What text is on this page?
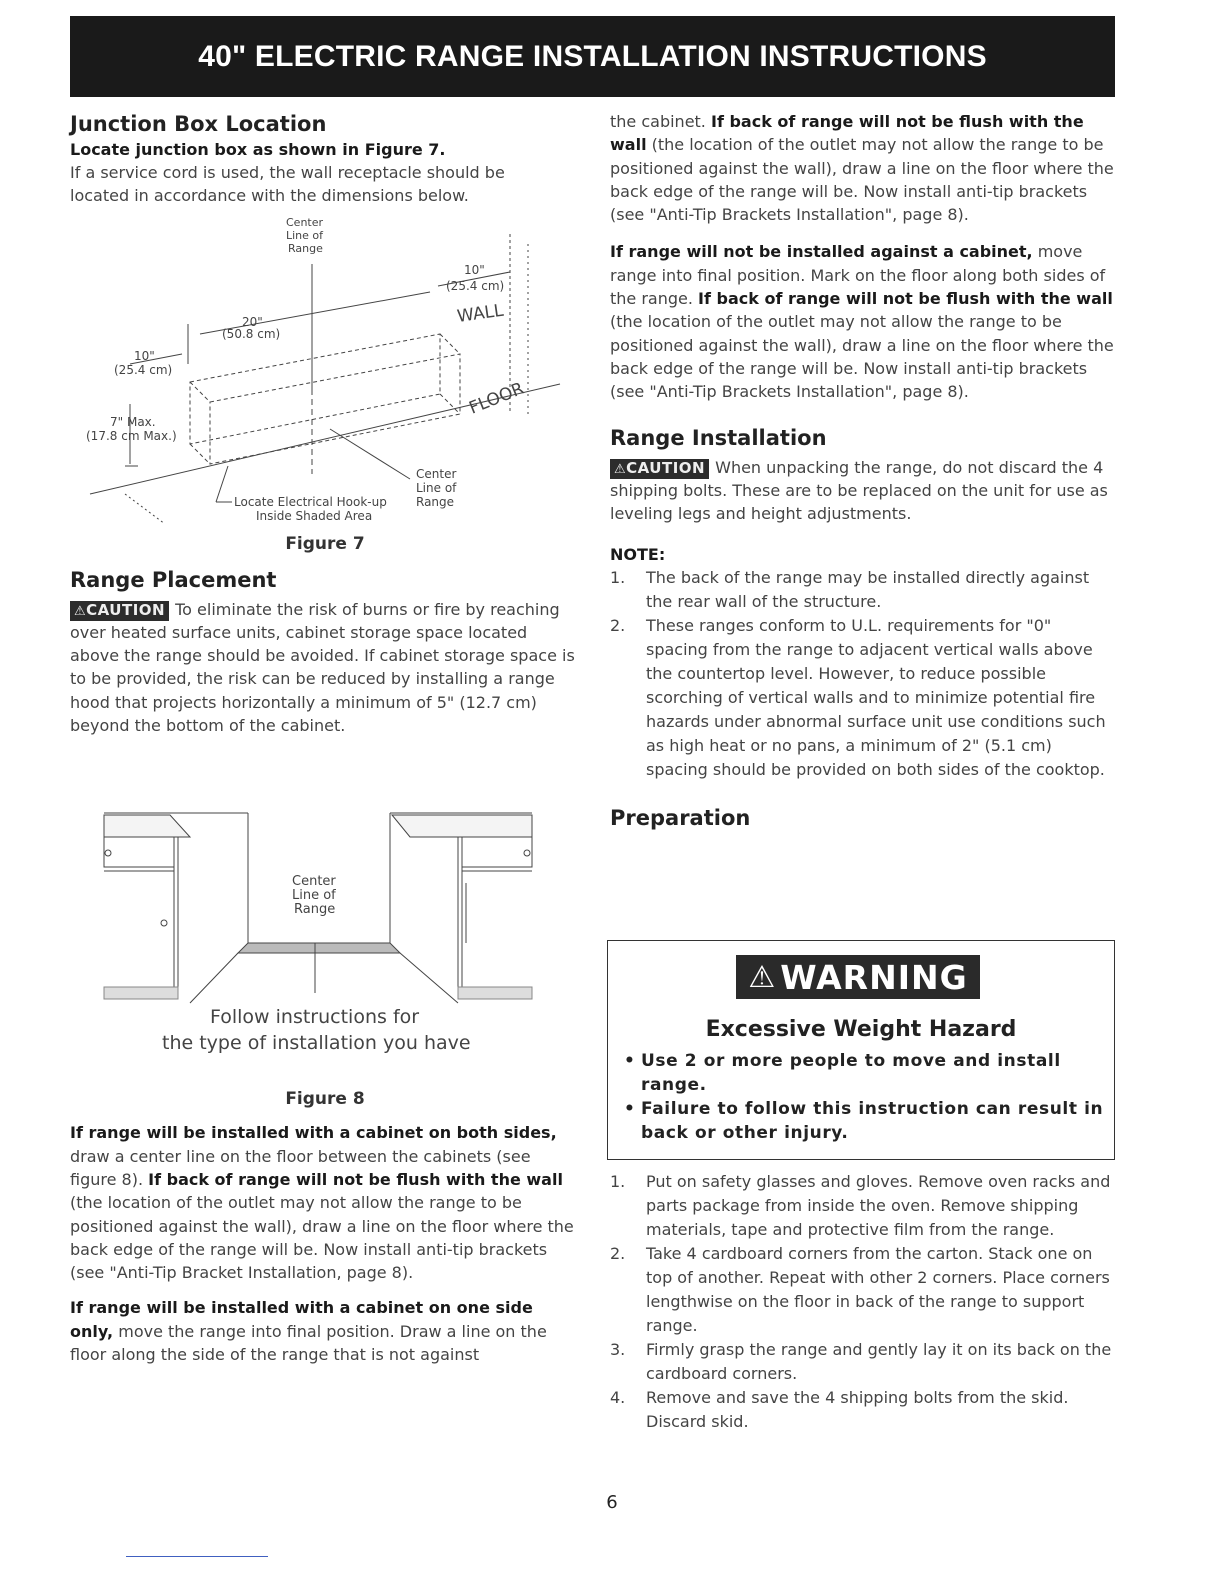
40" ELECTRIC RANGE INSTALLATION INSTRUCTIONS
Junction Box Location
Locate junction box as shown in Figure 7.

If a service cord is used, the wall receptacle should be located in accordance with the dimensions below.

Center
Line of
Range
10"
(25.4 cm)
20"
(50.8 cm)
10"
(25.4 cm)
WALL
FLOOR
7" Max.
(17.8 cm Max.)
Center
Line of
Range
Locate Electrical Hook-up
Inside Shaded Area
Figure 7
Range Placement

⚠CAUTION To eliminate the risk of burns or fire by reaching over heated surface units, cabinet storage space located above the range should be avoided. If cabinet storage space is to be provided, the risk can be reduced by installing a range hood that projects horizontally a minimum of 5" (12.7 cm) beyond the bottom of the cabinet.

Center
Line of
Range
Follow instructions for
the type of installation you have
Figure 8

If range will be installed with a cabinet on both sides, draw a center line on the floor between the cabinets (see figure 8). If back of range will not be flush with the wall (the location of the outlet may not allow the range to be positioned against the wall), draw a line on the floor where the back edge of the range will be. Now install anti-tip brackets (see "Anti-Tip Bracket Installation, page 8).

If range will be installed with a cabinet on one side only, move the range into final position. Draw a line on the floor along the side of the range that is not against

the cabinet. If back of range will not be flush with the wall (the location of the outlet may not allow the range to be positioned against the wall), draw a line on the floor where the back edge of the range will be. Now install anti-tip brackets (see "Anti-Tip Brackets Installation", page 8).

If range will not be installed against a cabinet, move range into final position. Mark on the floor along both sides of the range. If back of range will not be flush with the wall (the location of the outlet may not allow the range to be positioned against the wall), draw a line on the floor where the back edge of the range will be. Now install anti-tip brackets (see "Anti-Tip Brackets Installation", page 8).

Range Installation

⚠CAUTION When unpacking the range, do not discard the 4 shipping bolts. These are to be replaced on the unit for use as leveling legs and height adjustments.

NOTE:
1. The back of the range may be installed directly against the rear wall of the structure.
2. These ranges conform to U.L. requirements for "0" spacing from the range to adjacent vertical walls above the countertop level. However, to reduce possible scorching of vertical walls and to minimize potential fire hazards under abnormal surface unit use conditions such as high heat or no pans, a minimum of 2" (5.1 cm) spacing should be provided on both sides of the cooktop.
Preparation
⚠ WARNING
Excessive Weight Hazard
• Use 2 or more people to move and install range.
• Failure to follow this instruction can result in back or other injury.
1. Put on safety glasses and gloves. Remove oven racks and parts package from inside the oven. Remove shipping materials, tape and protective film from the range.
2. Take 4 cardboard corners from the carton. Stack one on top of another. Repeat with other 2 corners. Place corners lengthwise on the floor in back of the range to support range.
3. Firmly grasp the range and gently lay it on its back on the cardboard corners.
4. Remove and save the 4 shipping bolts from the skid. Discard skid.
6
